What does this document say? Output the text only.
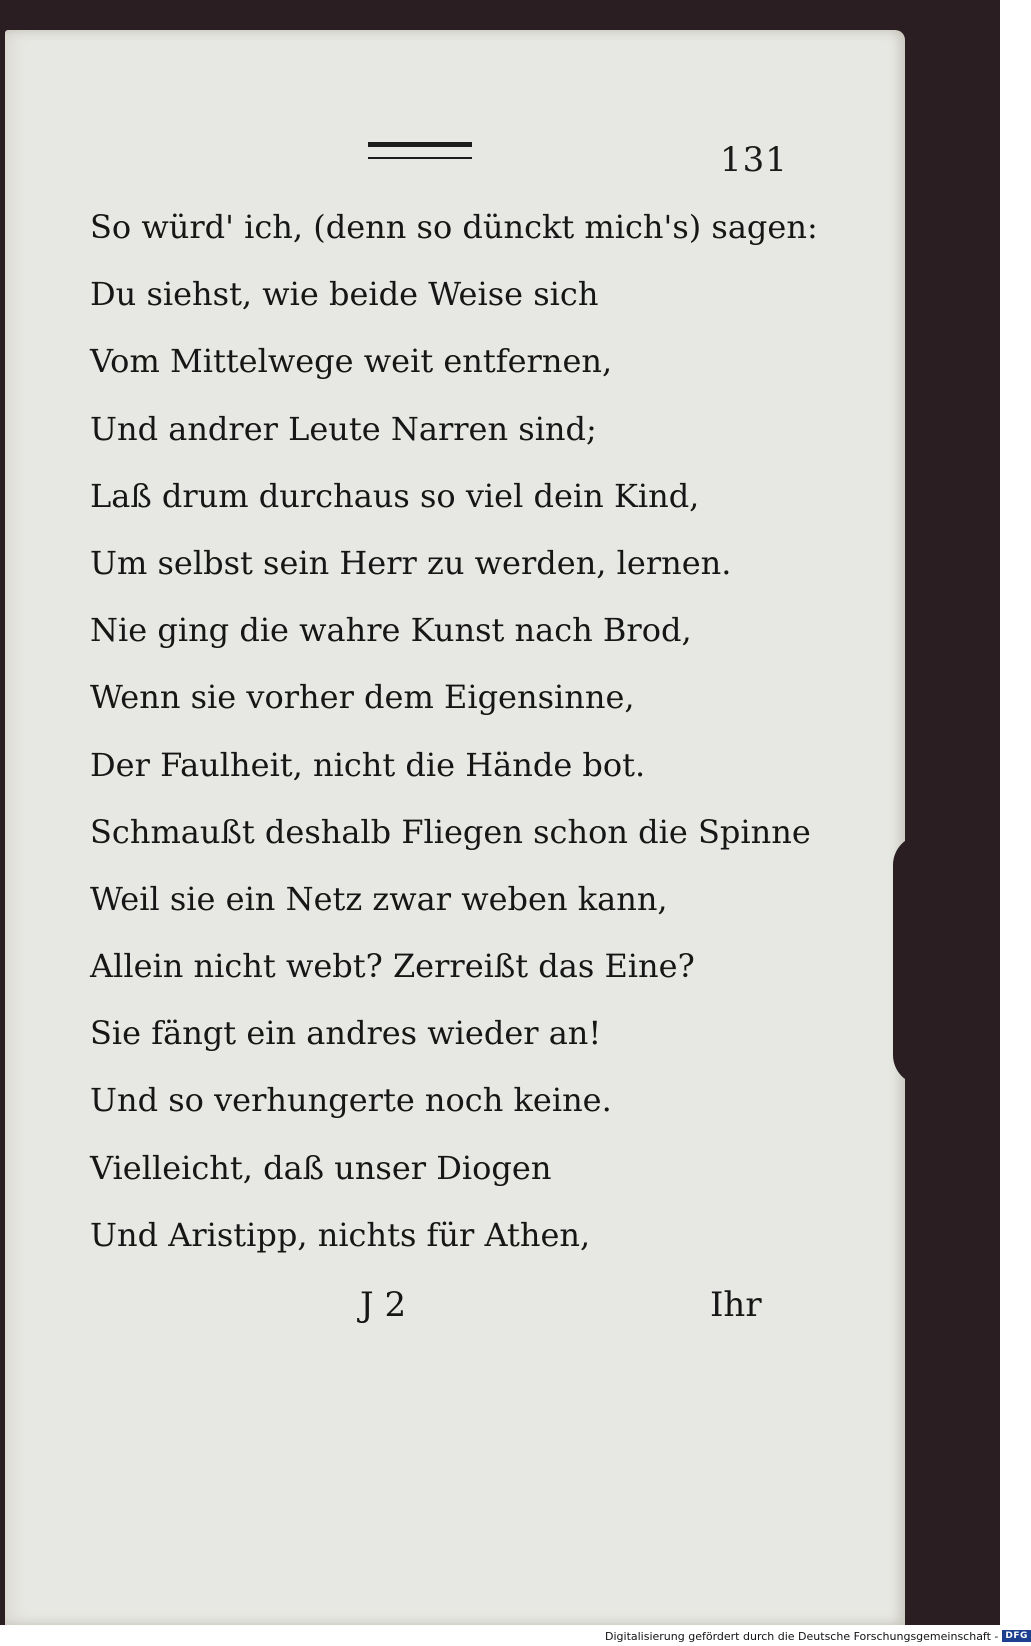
131
So würd' ich, (denn so dünckt mich's) sagen:
Du siehst, wie beide Weise sich
Vom Mittelwege weit entfernen,
Und andrer Leute Narren sind;
Laß drum durchaus so viel dein Kind,
Um selbst sein Herr zu werden, lernen.
Nie ging die wahre Kunst nach Brod,
Wenn sie vorher dem Eigensinne,
Der Faulheit, nicht die Hände bot.
Schmaußt deshalb Fliegen schon die Spinne
Weil sie ein Netz zwar weben kann,
Allein nicht webt? Zerreißt das Eine?
Sie fängt ein andres wieder an!
Und so verhungerte noch keine.
Vielleicht, daß unser Diogen
Und Aristipp, nichts für Athen,
J 2	Ihr
Digitalisierung gefördert durch die Deutsche Forschungsgemeinschaft - DFG
